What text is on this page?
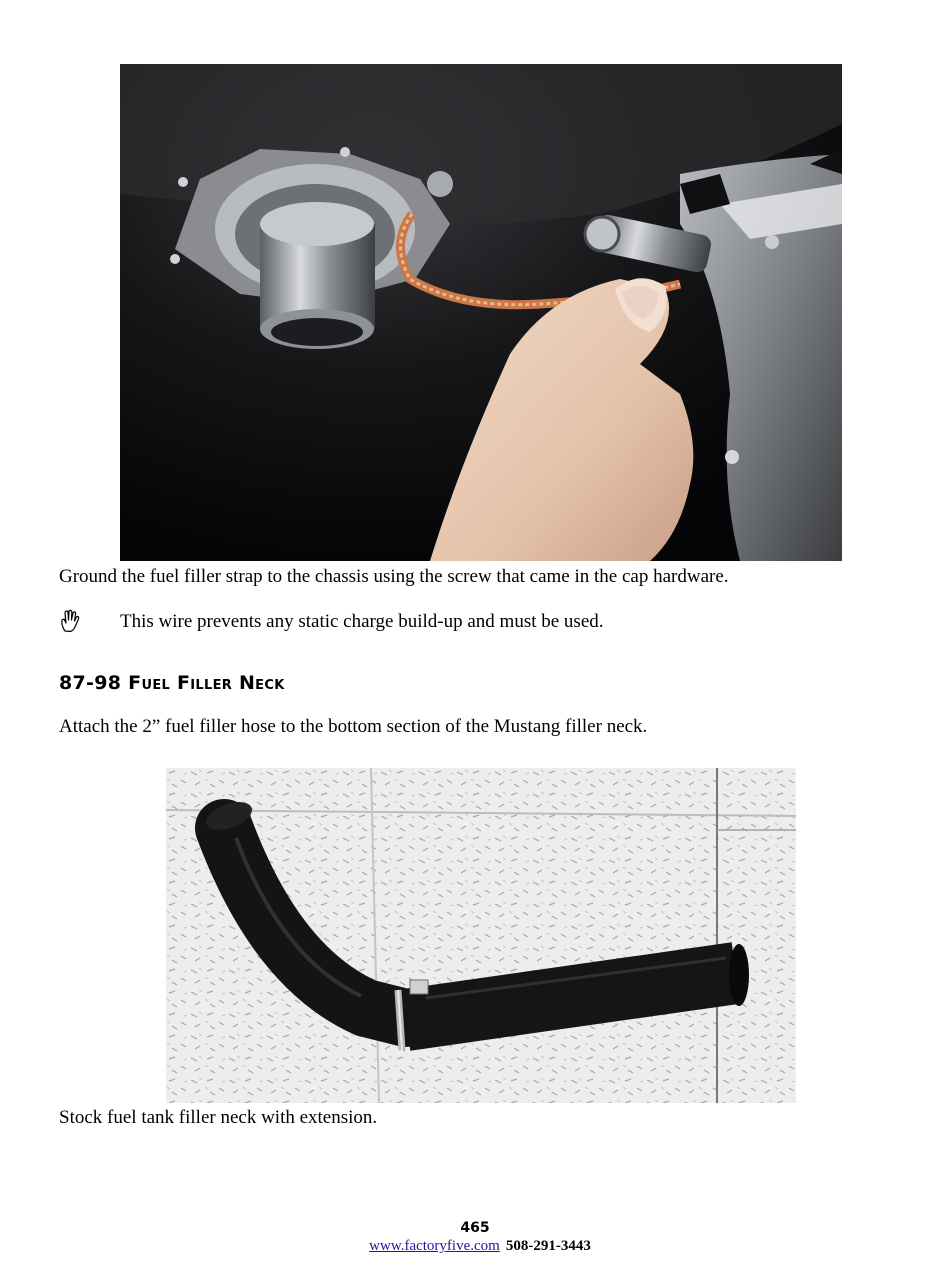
Ground the fuel filler strap to the chassis using the screw that came in the cap hardware.
This wire prevents any static charge build-up and must be used.
87-98 Fuel Filler Neck
Attach the 2” fuel filler hose to the bottom section of the Mustang filler neck.
Stock fuel tank filler neck with extension.
465
www.factoryfive.com 508-291-3443
